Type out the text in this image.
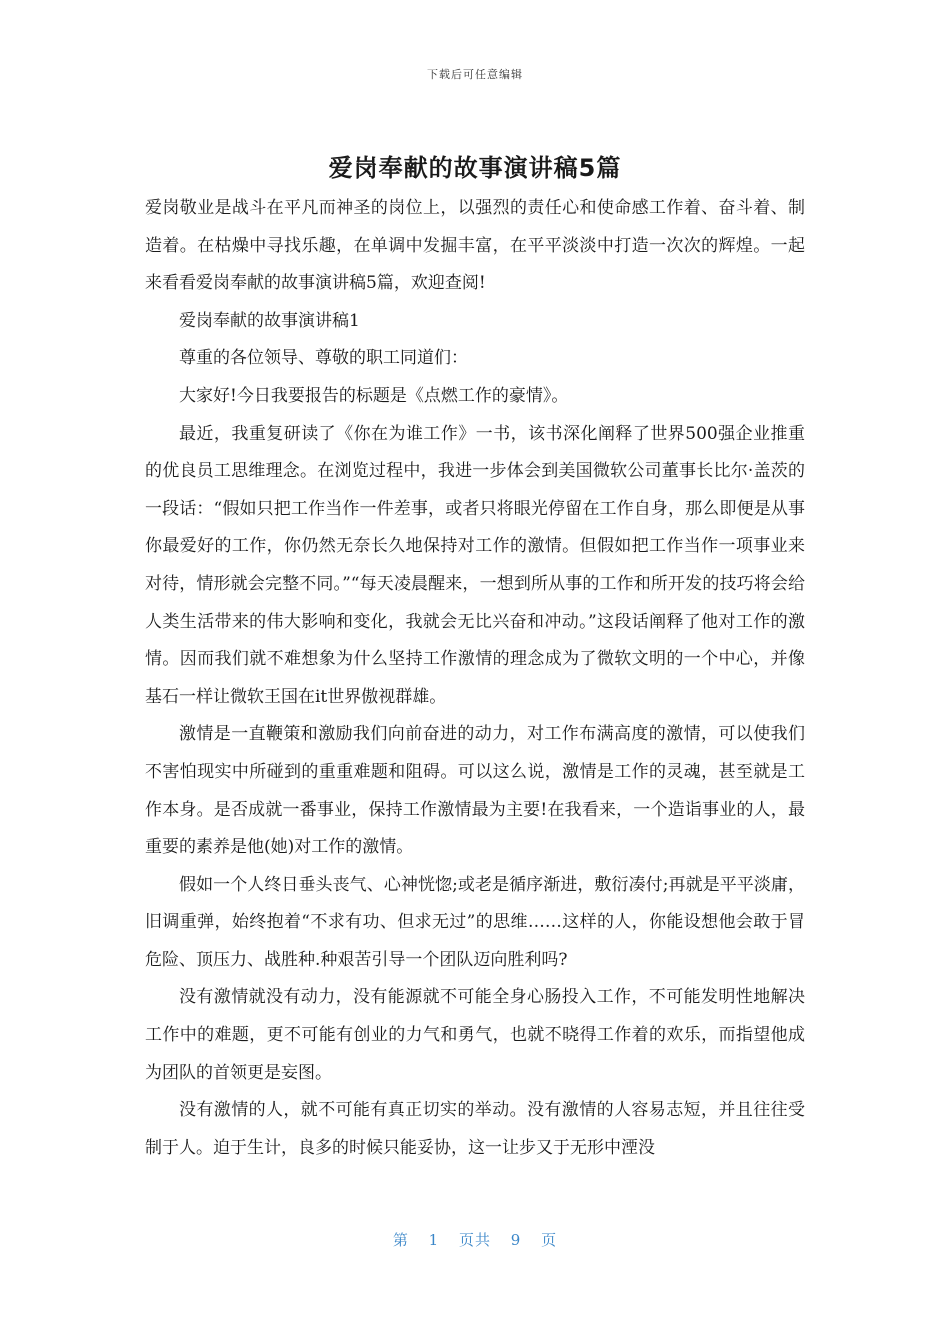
下载后可任意编辑
爱岗奉献的故事演讲稿5篇

爱岗敬业是战斗在平凡而神圣的岗位上，以强烈的责任心和使命感工作着、奋斗着、制造着。在枯燥中寻找乐趣，在单调中发掘丰富，在平平淡淡中打造一次次的辉煌。一起来看看爱岗奉献的故事演讲稿5篇，欢迎查阅!

爱岗奉献的故事演讲稿1

尊重的各位领导、尊敬的职工同道们：

大家好!今日我要报告的标题是《点燃工作的豪情》。

最近，我重复研读了《你在为谁工作》一书，该书深化阐释了世界500强企业推重的优良员工思维理念。在浏览过程中，我进一步体会到美国微软公司董事长比尔·盖茨的一段话：“假如只把工作当作一件差事，或者只将眼光停留在工作自身，那么即便是从事你最爱好的工作，你仍然无奈长久地保持对工作的激情。但假如把工作当作一项事业来对待，情形就会完整不同。”“每天凌晨醒来，一想到所从事的工作和所开发的技巧将会给人类生活带来的伟大影响和变化，我就会无比兴奋和冲动。”这段话阐释了他对工作的激情。因而我们就不难想象为什么坚持工作激情的理念成为了微软文明的一个中心，并像基石一样让微软王国在it世界傲视群雄。

激情是一直鞭策和激励我们向前奋进的动力，对工作布满高度的激情，可以使我们不害怕现实中所碰到的重重难题和阻碍。可以这么说，激情是工作的灵魂，甚至就是工作本身。是否成就一番事业，保持工作激情最为主要!在我看来，一个造诣事业的人，最重要的素养是他(她)对工作的激情。

假如一个人终日垂头丧气、心神恍惚;或老是循序渐进，敷衍凑付;再就是平平淡庸，旧调重弹，始终抱着“不求有功、但求无过”的思维……这样的人，你能设想他会敢于冒危险、顶压力、战胜种.种艰苦引导一个团队迈向胜利吗?

没有激情就没有动力，没有能源就不可能全身心肠投入工作，不可能发明性地解决工作中的难题，更不可能有创业的力气和勇气，也就不晓得工作着的欢乐，而指望他成为团队的首领更是妄图。

没有激情的人，就不可能有真正切实的举动。没有激情的人容易志短，并且往往受制于人。迫于生计，良多的时候只能妥协，这一让步又于无形中湮没

第 1 页共 9 页
